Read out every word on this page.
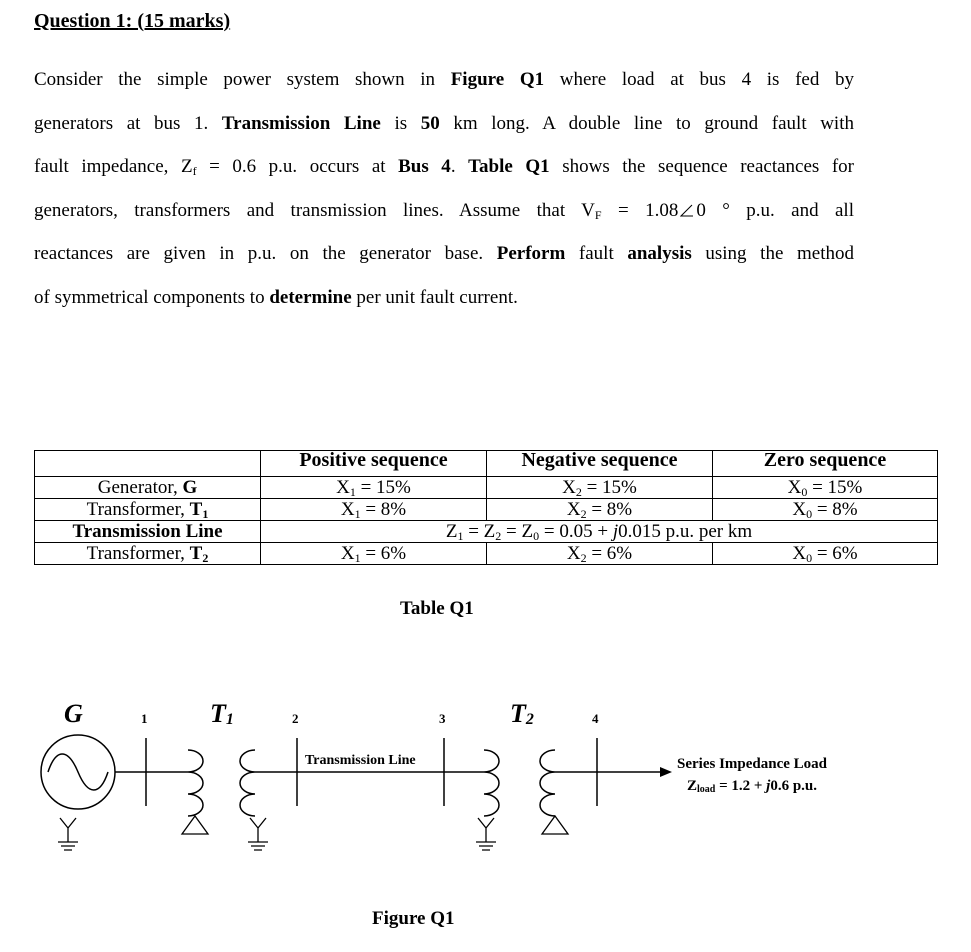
Question 1: (15 marks)
Consider the simple power system shown in Figure Q1 where load at bus 4 is fed by
generators at bus 1. Transmission Line is 50 km long. A double line to ground fault with
fault impedance, $Z_f = 0.6$ p.u. occurs at Bus 4. Table Q1 shows the sequence reactances for
generators, transformers and transmission lines. Assume that $V_F = 1.08$ 0 ° p.u. and all
reactances are given in p.u. on the generator base. Perform fault analysis using the method
of symmetrical components to determine per unit fault current.
	Positive sequence	Negative sequence	Zero sequence
Generator, G	$X_1 = 15\%$	$X_2 = 15\%$	$X_0 = 15\%$
Transformer, $T_1$	$X_1 = 8\%$	$X_2 = 8\%$	$X_0 = 8\%$
Transmission Line	$Z_1 = Z_2 = Z_0 = 0.05 + j0.015$ p.u. per km		
Transformer, $T_2$	$X_1 = 6\%$	$X_2 = 6\%$	$X_0 = 6\%$
Table Q1
G	T1	T2
1	2	3	4
Transmission Line	Series Impedance Load
Zload = 1.2 + j0.6 p.u.
Figure Q1
